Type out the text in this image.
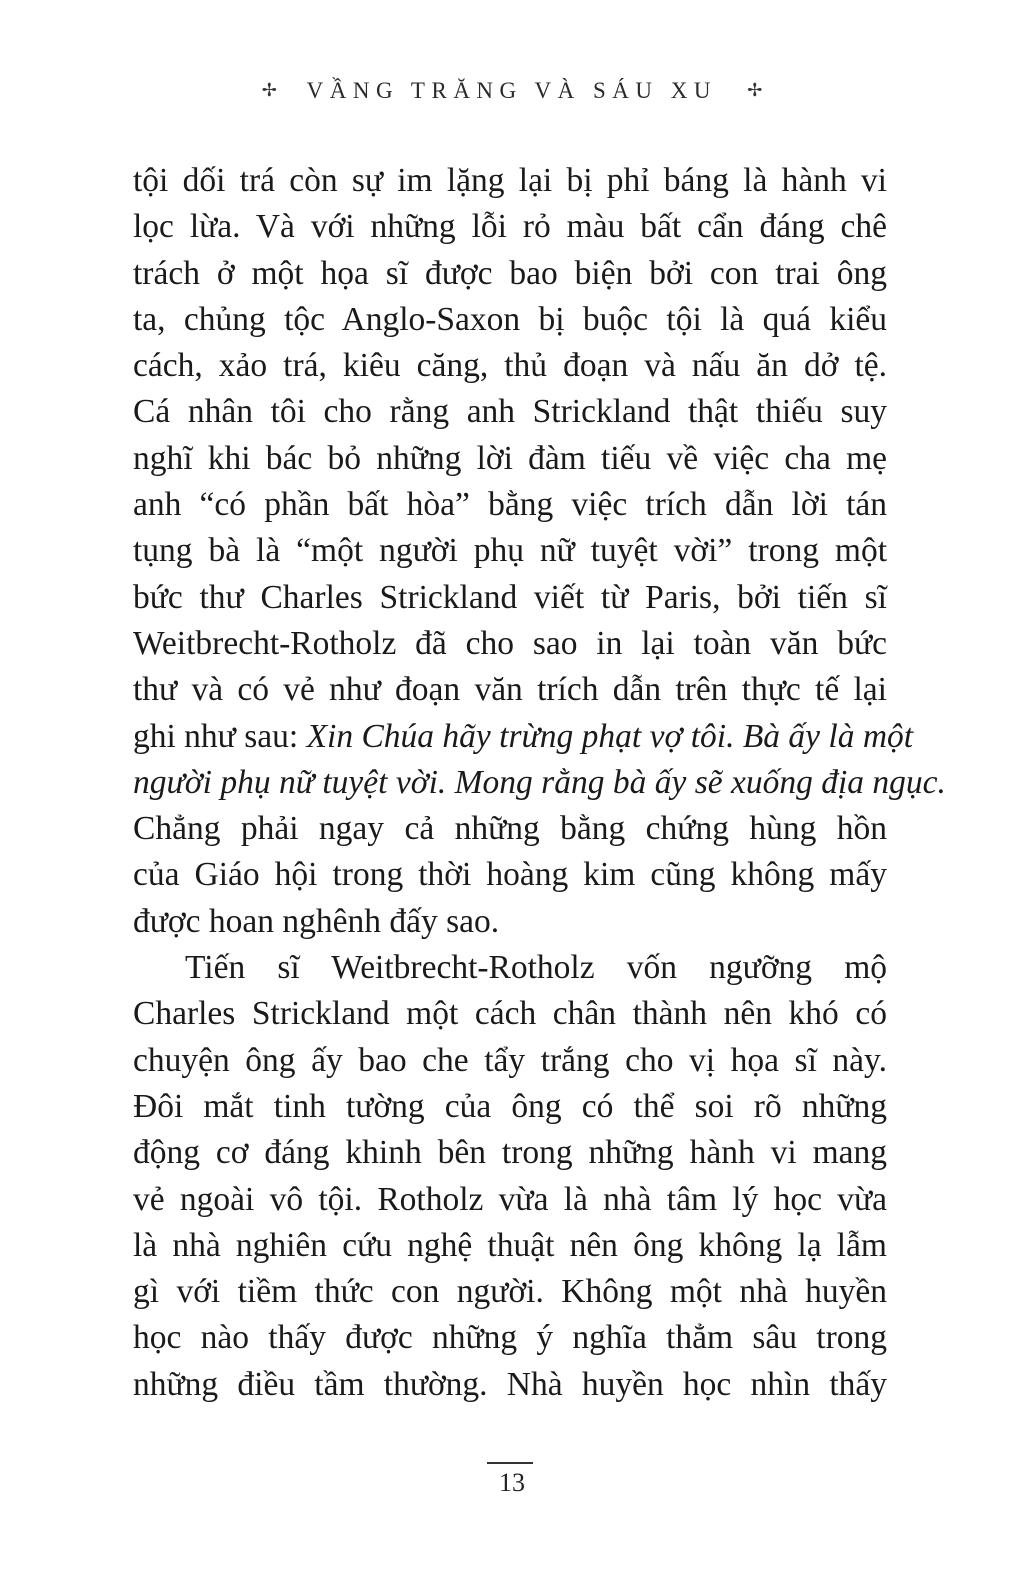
✢ VẦNG TRĂNG VÀ SÁU XU ✢
tội dối trá còn sự im lặng lại bị phỉ báng là hành vi
lọc lừa. Và với những lỗi rỏ màu bất cẩn đáng chê
trách ở một họa sĩ được bao biện bởi con trai ông
ta, chủng tộc Anglo-Saxon bị buộc tội là quá kiểu
cách, xảo trá, kiêu căng, thủ đoạn và nấu ăn dở tệ.
Cá nhân tôi cho rằng anh Strickland thật thiếu suy
nghĩ khi bác bỏ những lời đàm tiếu về việc cha mẹ
anh “có phần bất hòa” bằng việc trích dẫn lời tán
tụng bà là “một người phụ nữ tuyệt vời” trong một
bức thư Charles Strickland viết từ Paris, bởi tiến sĩ
Weitbrecht-Rotholz đã cho sao in lại toàn văn bức
thư và có vẻ như đoạn văn trích dẫn trên thực tế lại
ghi như sau: Xin Chúa hãy trừng phạt vợ tôi. Bà ấy là một
người phụ nữ tuyệt vời. Mong rằng bà ấy sẽ xuống địa ngục.
Chẳng phải ngay cả những bằng chứng hùng hồn
của Giáo hội trong thời hoàng kim cũng không mấy
được hoan nghênh đấy sao.
Tiến sĩ Weitbrecht-Rotholz vốn ngưỡng mộ
Charles Strickland một cách chân thành nên khó có
chuyện ông ấy bao che tẩy trắng cho vị họa sĩ này.
Đôi mắt tinh tường của ông có thể soi rõ những
động cơ đáng khinh bên trong những hành vi mang
vẻ ngoài vô tội. Rotholz vừa là nhà tâm lý học vừa
là nhà nghiên cứu nghệ thuật nên ông không lạ lẫm
gì với tiềm thức con người. Không một nhà huyền
học nào thấy được những ý nghĩa thẳm sâu trong
những điều tầm thường. Nhà huyền học nhìn thấy
13
